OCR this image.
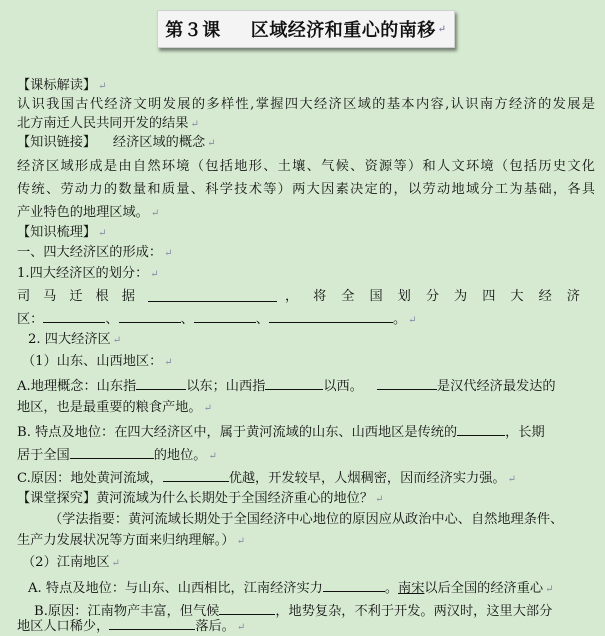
第３课 区域经济和重心的南移 ↵
【课标解读】 ↵
认识我国古代经济文明发展的多样性,掌握四大经济区域的基本内容,认识南方经济的发展是
北方南迁人民共同开发的结果 ↵
【知识链接】    经济区域的概念 ↵
经济区域形成是由自然环境（包括地形、土壤、气候、资源等）和人文环境（包括历史文化
传统、劳动力的数量和质量、科学技术等）两大因素决定的，以劳动地域分工为基础，各具
产业特色的地理区域。 ↵
【知识梳理】 ↵
一、四大经济区的形成： ↵
1.四大经济区的划分： ↵
司马迁根据	，将全国划分为四大经济
区：	、	、	、	。 ↵
2. 四大经济区 ↵
（1）山东、山西地区： ↵
A.地理概念：山东指	以东；山西指	以西。	是汉代经济最发达的
地区，也是最重要的粮食产地。 ↵
B. 特点及地位：在四大经济区中，属于黄河流域的山东、山西地区是传统的	，长期
居于全国	的地位。 ↵
C.原因：地处黄河流域，	优越，开发较早，人烟稠密，因而经济实力强。 ↵
【课堂探究】黄河流域为什么长期处于全国经济重心的地位？ ↵
（学法指要：黄河流域长期处于全国经济中心地位的原因应从政治中心、自然地理条件、
生产力发展状况等方面来归纳理解。） ↵
（2）江南地区 ↵
A. 特点及地位：与山东、山西相比，江南经济实力	。南宋以后全国的经济重心 ↵
B.原因：江南物产丰富，但气候	，地势复杂，不利于开发。两汉时，这里大部分
地区人口稀少，	落后。 ↵
